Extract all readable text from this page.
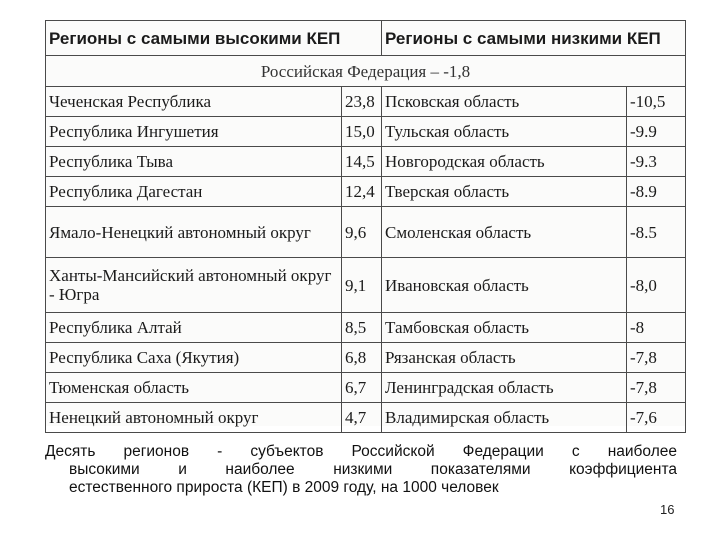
Регионы с самыми высокими КЕП		Регионы с самыми низкими КЕП	
Российская Федерация – -1,8			
Чеченская Республика	23,8	Псковская область	-10,5
Республика Ингушетия	15,0	Тульская область	-9.9
Республика Тыва	14,5	Новгородская область	-9.3
Республика Дагестан	12,4	Тверская область	-8.9
Ямало-Ненецкий автономный округ	9,6	Смоленская область	-8.5
Ханты-Мансийский автономный округ - Югра	9,1	Ивановская область	-8,0
Республика Алтай	8,5	Тамбовская область	-8
Республика Саха (Якутия)	6,8	Рязанская область	-7,8
Тюменская область	6,7	Ленинградская область	-7,8
Ненецкий автономный округ	4,7	Владимирская область	-7,6
Десять регионов - субъектов Российской Федерации с наиболее
высокими и наиболее низкими показателями коэффициента
естественного прироста (КЕП) в 2009 году, на 1000 человек
16
